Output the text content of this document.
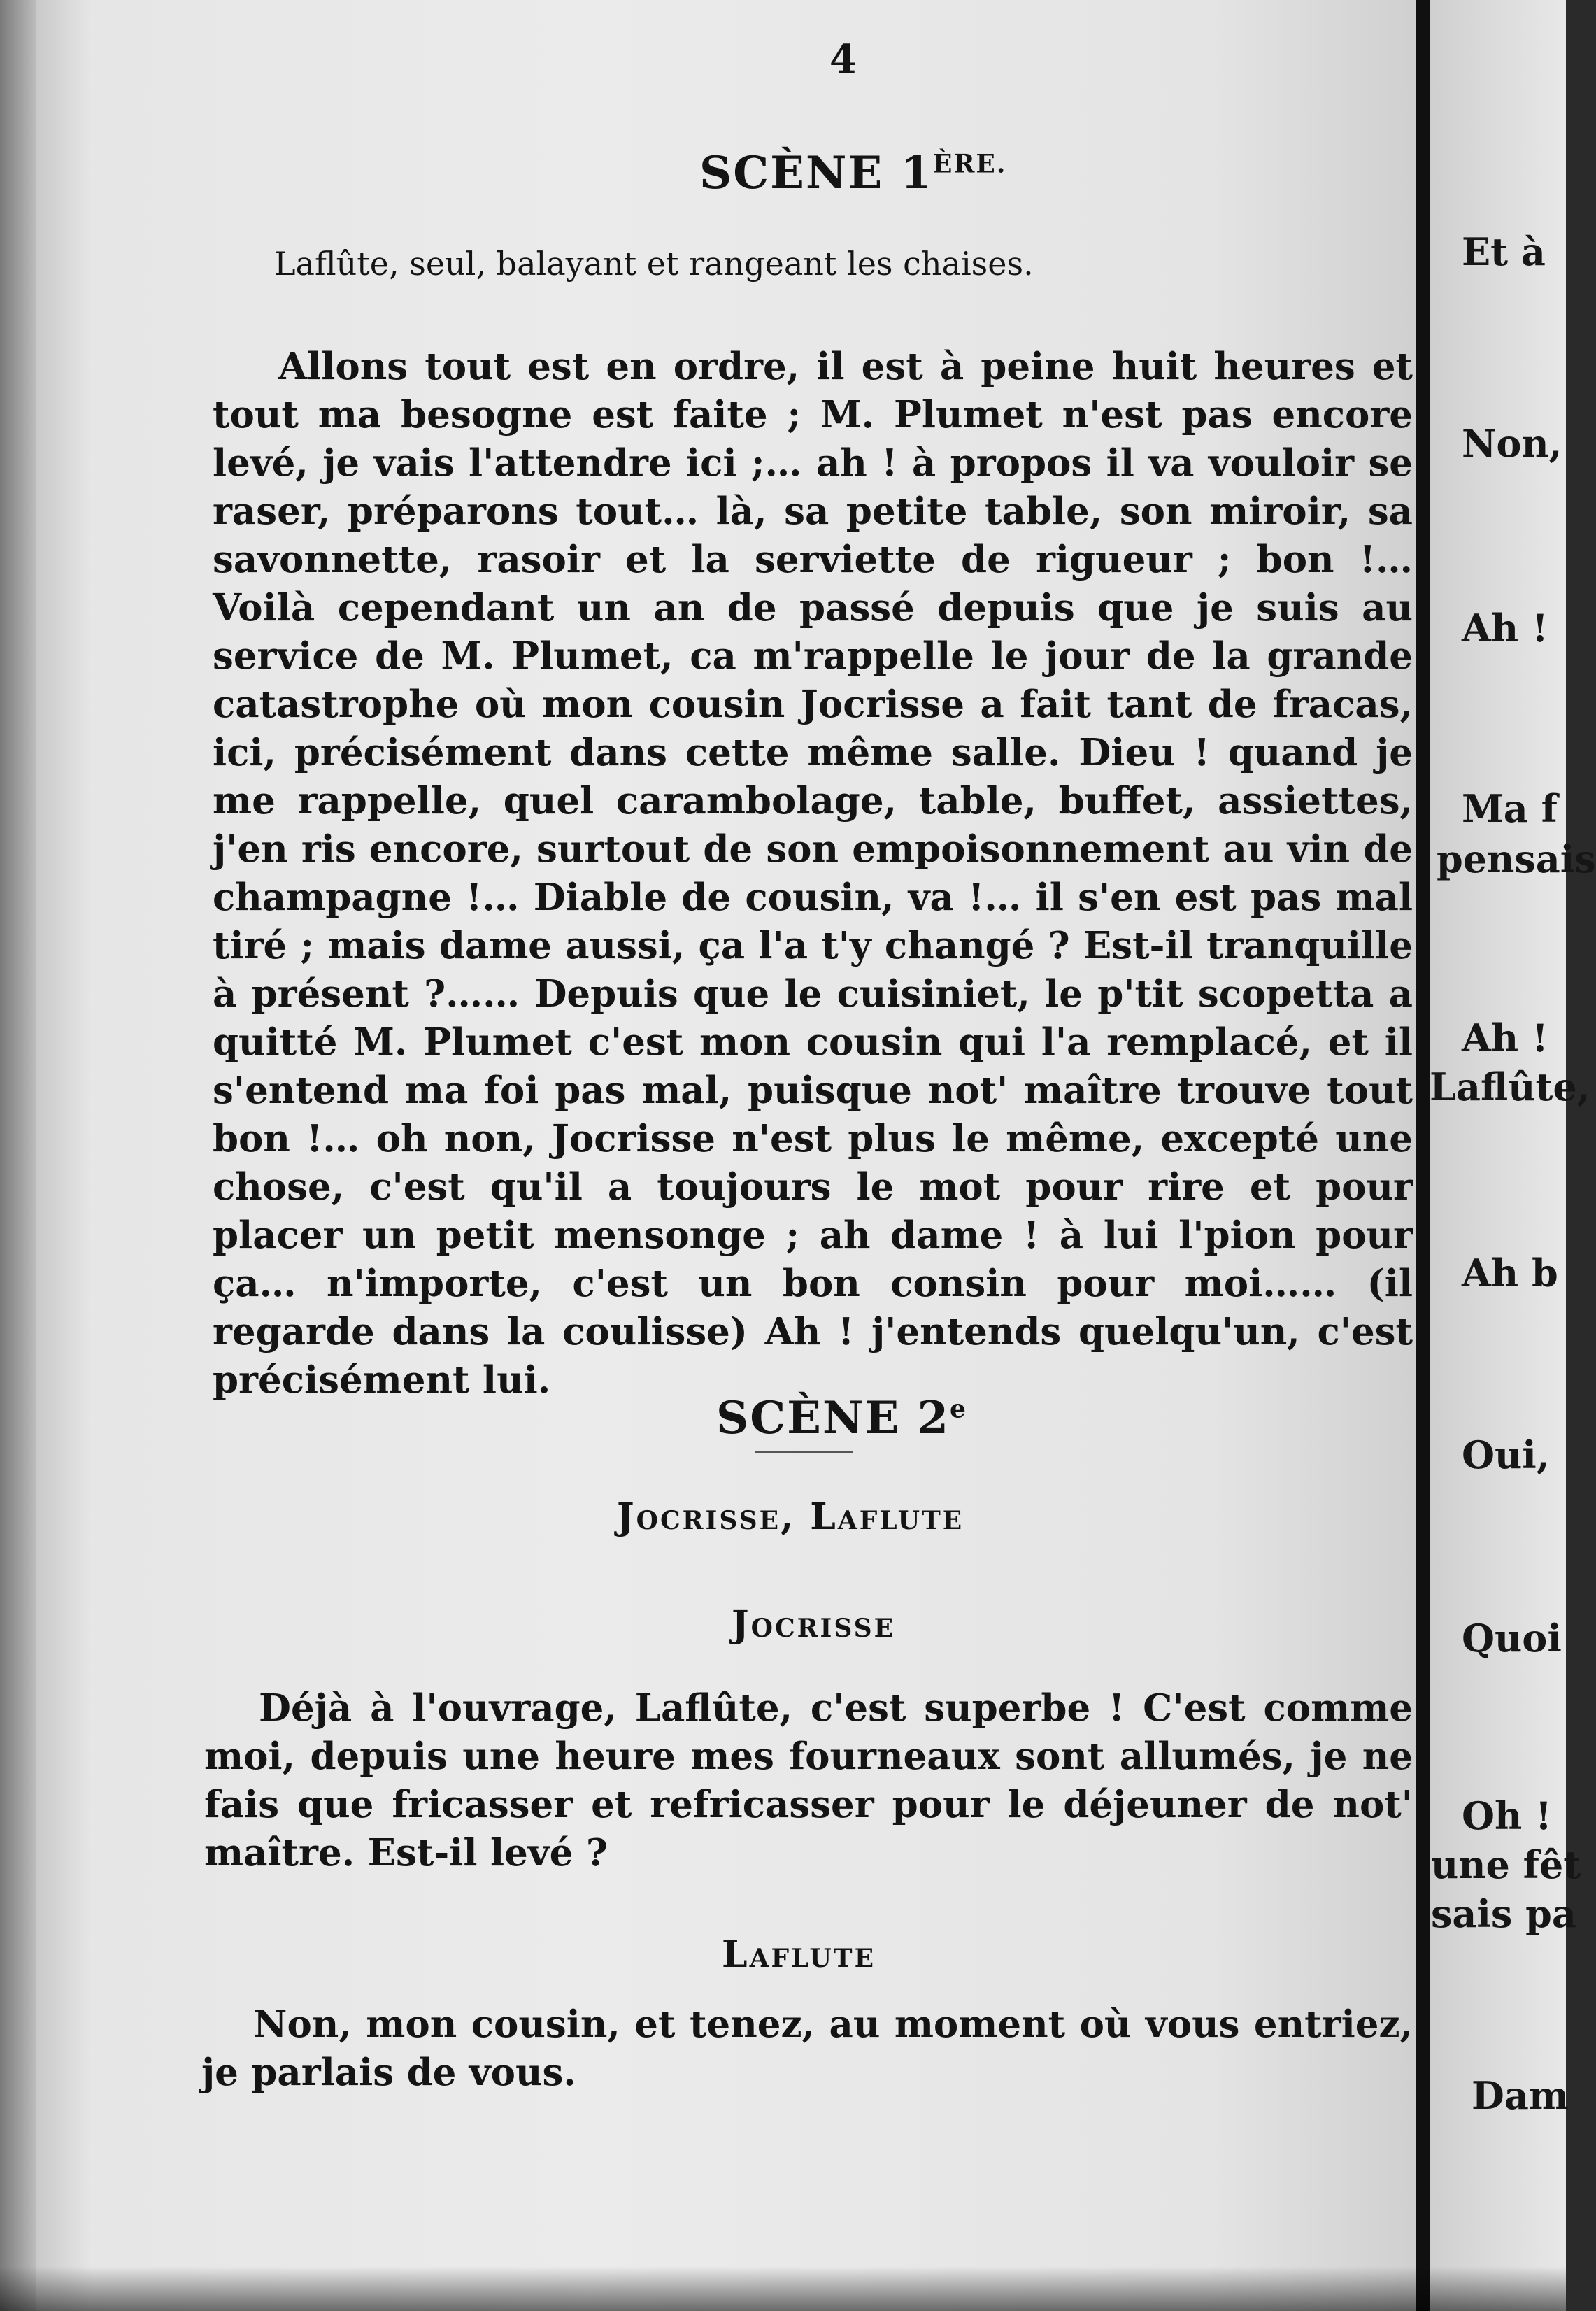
4
SCÈNE $1^{ÈRE.}$
Laflûte, seul, balayant et rangeant les chaises.

Allons tout est en ordre, il est à peine huit heures et tout ma besogne est faite ; M. Plumet n'est pas encore levé, je vais l'attendre ici ;… ah ! à propos il va vouloir se raser, préparons tout… là, sa petite table, son miroir, sa savonnette, rasoir et la serviette de rigueur ; bon !… Voilà cependant un an de passé depuis que je suis au service de M. Plumet, ca m'rappelle le jour de la grande catastrophe où mon cousin Jocrisse a fait tant de fracas, ici, précisément dans cette même salle. Dieu ! quand je me rappelle, quel carambolage, table, buffet, assiettes, j'en ris encore, surtout de son empoisonnement au vin de champagne !… Diable de cousin, va !… il s'en est pas mal tiré ; mais dame aussi, ça l'a t'y changé ? Est-il tranquille à présent ?…… Depuis que le cuisiniet, le p'tit scopetta a quitté M. Plumet c'est mon cousin qui l'a remplacé, et il s'entend ma foi pas mal, puisque not' maître trouve tout bon !… oh non, Jocrisse n'est plus le même, excepté une chose, c'est qu'il a toujours le mot pour rire et pour placer un petit mensonge ; ah dame ! à lui l'pion pour ça… n'importe, c'est un bon consin pour moi…… (il regarde dans la coulisse) Ah ! j'entends quelqu'un, c'est précisément lui.

SCÈNE 2e
Jocrisse, Laflute
Jocrisse

Déjà à l'ouvrage, Laflûte, c'est superbe ! C'est comme moi, depuis une heure mes fourneaux sont allumés, je ne fais que fricasser et refricasser pour le déjeuner de not' maître. Est-il levé ?

Laflute

Non, mon cousin, et tenez, au moment où vous entriez, je parlais de vous.

Et à
Non,
Ah !
Ma f
pensais
Ah !
Laflûte,
Ah b
Oui,
Quoi
Oh !
une fêt
sais pa
Dam
